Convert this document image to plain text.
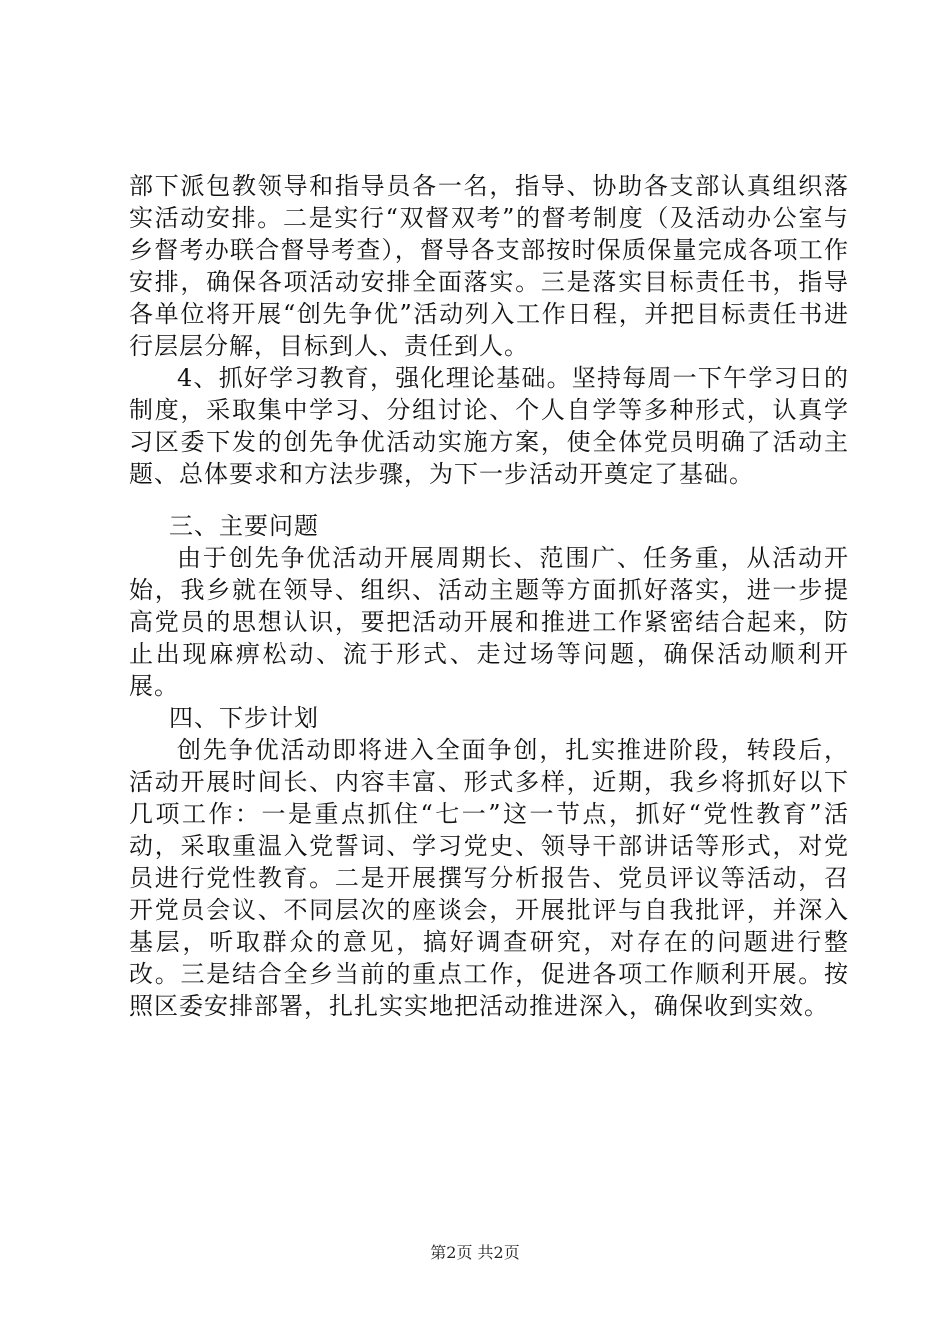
部下派包教领导和指导员各一名，指导、协助各支部认真组织落实活动安排。二是实行“双督双考”的督考制度（及活动办公室与乡督考办联合督导考查），督导各支部按时保质保量完成各项工作安排，确保各项活动安排全面落实。三是落实目标责任书，指导各单位将开展“创先争优”活动列入工作日程，并把目标责任书进行层层分解，目标到人、责任到人。

4、抓好学习教育，强化理论基础。坚持每周一下午学习日的制度，采取集中学习、分组讨论、个人自学等多种形式，认真学习区委下发的创先争优活动实施方案，使全体党员明确了活动主题、总体要求和方法步骤，为下一步活动开奠定了基础。

三、主要问题

由于创先争优活动开展周期长、范围广、任务重，从活动开始，我乡就在领导、组织、活动主题等方面抓好落实，进一步提高党员的思想认识，要把活动开展和推进工作紧密结合起来，防止出现麻痹松动、流于形式、走过场等问题，确保活动顺利开展。

四、下步计划

创先争优活动即将进入全面争创，扎实推进阶段，转段后，活动开展时间长、内容丰富、形式多样，近期，我乡将抓好以下几项工作：一是重点抓住“七一”这一节点，抓好“党性教育”活动，采取重温入党誓词、学习党史、领导干部讲话等形式，对党员进行党性教育。二是开展撰写分析报告、党员评议等活动，召开党员会议、不同层次的座谈会，开展批评与自我批评，并深入基层，听取群众的意见，搞好调查研究，对存在的问题进行整改。三是结合全乡当前的重点工作，促进各项工作顺利开展。按照区委安排部署，扎扎实实地把活动推进深入，确保收到实效。

第2页 共2页
